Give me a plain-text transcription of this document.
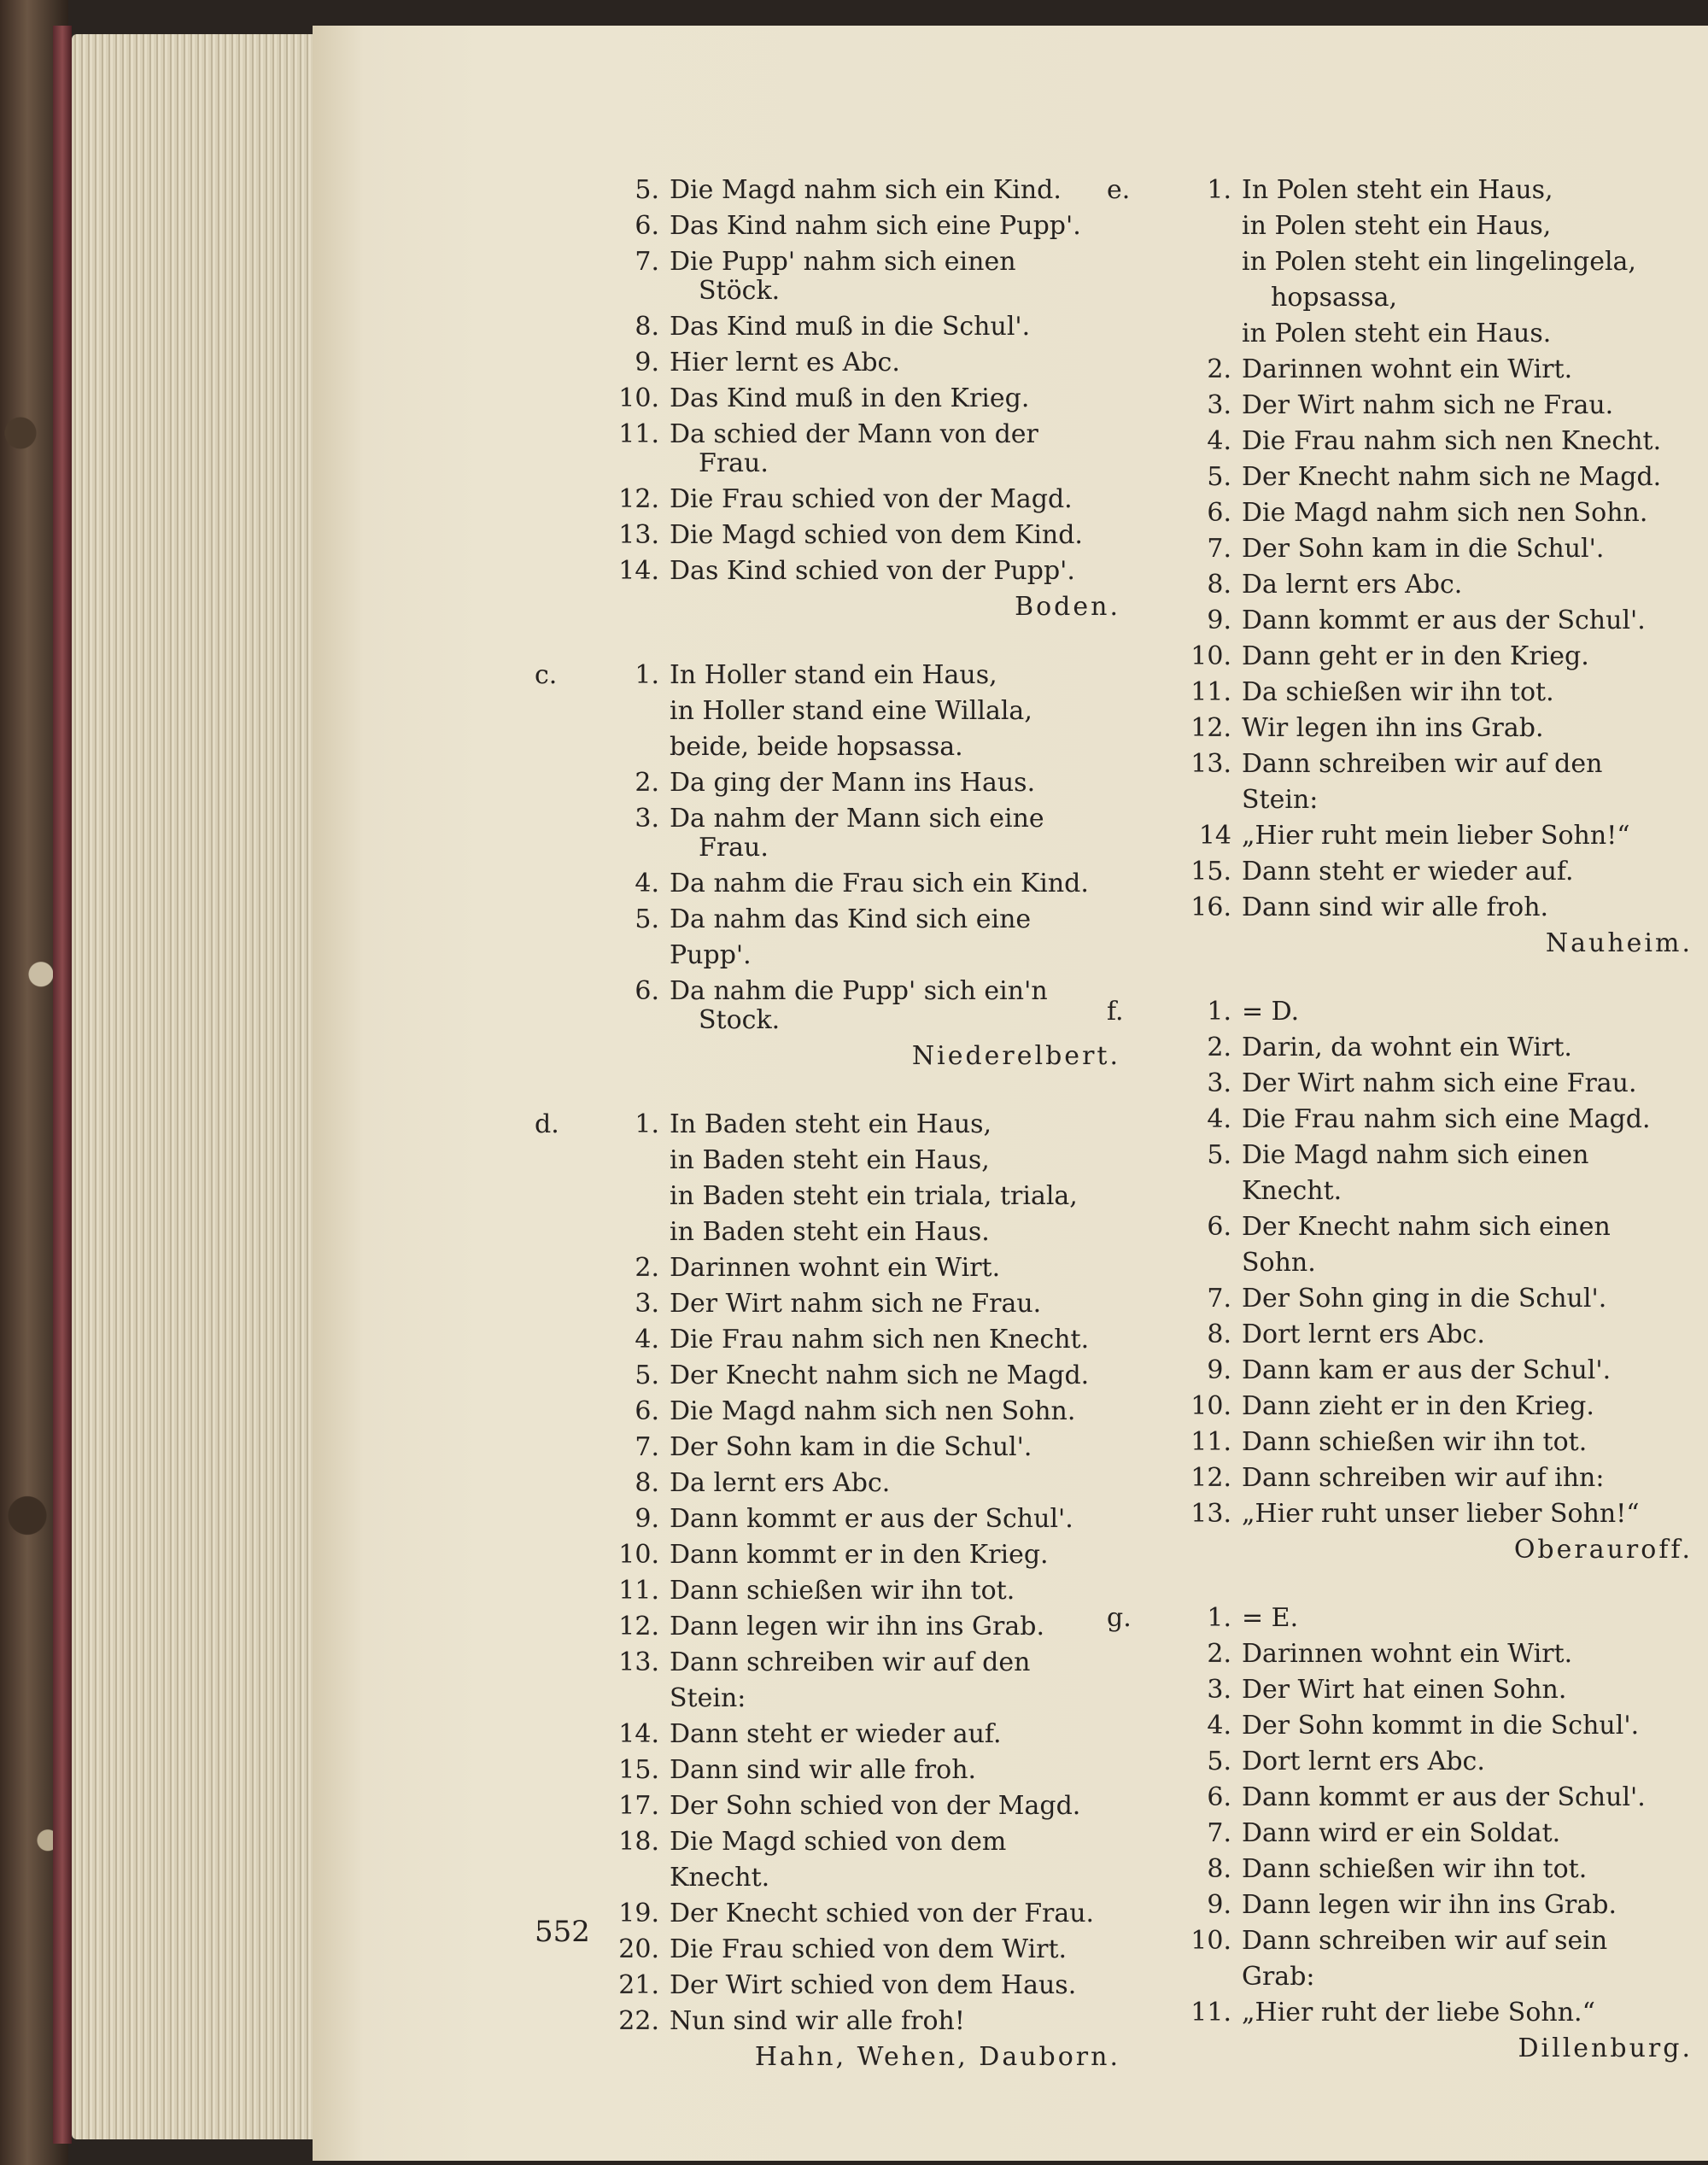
5. Die Magd nahm sich ein Kind.
6. Das Kind nahm sich eine Pupp'.
7. Die Pupp' nahm sich einen
Stöck.
8. Das Kind muß in die Schul'.
9. Hier lernt es Abc.
10. Das Kind muß in den Krieg.
11. Da schied der Mann von der
Frau.
12. Die Frau schied von der Magd.
13. Die Magd schied von dem Kind.
14. Das Kind schied von der Pupp'.
Boden.
c.	1. In Holler stand ein Haus,
in Holler stand eine Willala,
beide, beide hopsassa.
2. Da ging der Mann ins Haus.
3. Da nahm der Mann sich eine
Frau.
4. Da nahm die Frau sich ein Kind.
5. Da nahm das Kind sich eine Pupp'.
6. Da nahm die Pupp' sich ein'n
Stock.
Niederelbert.
d.	1. In Baden steht ein Haus,
in Baden steht ein Haus,
in Baden steht ein triala, triala,
in Baden steht ein Haus.
2. Darinnen wohnt ein Wirt.
3. Der Wirt nahm sich ne Frau.
4. Die Frau nahm sich nen Knecht.
5. Der Knecht nahm sich ne Magd.
6. Die Magd nahm sich nen Sohn.
7. Der Sohn kam in die Schul'.
8. Da lernt ers Abc.
9. Dann kommt er aus der Schul'.
10. Dann kommt er in den Krieg.
11. Dann schießen wir ihn tot.
12. Dann legen wir ihn ins Grab.
13. Dann schreiben wir auf den Stein:
14. Dann steht er wieder auf.
15. Dann sind wir alle froh.
17. Der Sohn schied von der Magd.
18. Die Magd schied von dem Knecht.
19. Der Knecht schied von der Frau.
20. Die Frau schied von dem Wirt.
21. Der Wirt schied von dem Haus.
22. Nun sind wir alle froh!
Hahn, Wehen, Dauborn.
e.	1. In Polen steht ein Haus,
in Polen steht ein Haus,
in Polen steht ein lingelingela,
hopsassa,
in Polen steht ein Haus.
2. Darinnen wohnt ein Wirt.
3. Der Wirt nahm sich ne Frau.
4. Die Frau nahm sich nen Knecht.
5. Der Knecht nahm sich ne Magd.
6. Die Magd nahm sich nen Sohn.
7. Der Sohn kam in die Schul'.
8. Da lernt ers Abc.
9. Dann kommt er aus der Schul'.
10. Dann geht er in den Krieg.
11. Da schießen wir ihn tot.
12. Wir legen ihn ins Grab.
13. Dann schreiben wir auf den Stein:
14 „Hier ruht mein lieber Sohn!“
15. Dann steht er wieder auf.
16. Dann sind wir alle froh.
Nauheim.
f.	1. = D.
2. Darin, da wohnt ein Wirt.
3. Der Wirt nahm sich eine Frau.
4. Die Frau nahm sich eine Magd.
5. Die Magd nahm sich einen Knecht.
6. Der Knecht nahm sich einen Sohn.
7. Der Sohn ging in die Schul'.
8. Dort lernt ers Abc.
9. Dann kam er aus der Schul'.
10. Dann zieht er in den Krieg.
11. Dann schießen wir ihn tot.
12. Dann schreiben wir auf ihn:
13. „Hier ruht unser lieber Sohn!“
Oberauroff.
g.	1. = E.
2. Darinnen wohnt ein Wirt.
3. Der Wirt hat einen Sohn.
4. Der Sohn kommt in die Schul'.
5. Dort lernt ers Abc.
6. Dann kommt er aus der Schul'.
7. Dann wird er ein Soldat.
8. Dann schießen wir ihn tot.
9. Dann legen wir ihn ins Grab.
10. Dann schreiben wir auf sein Grab:
11. „Hier ruht der liebe Sohn.“
Dillenburg.
552
